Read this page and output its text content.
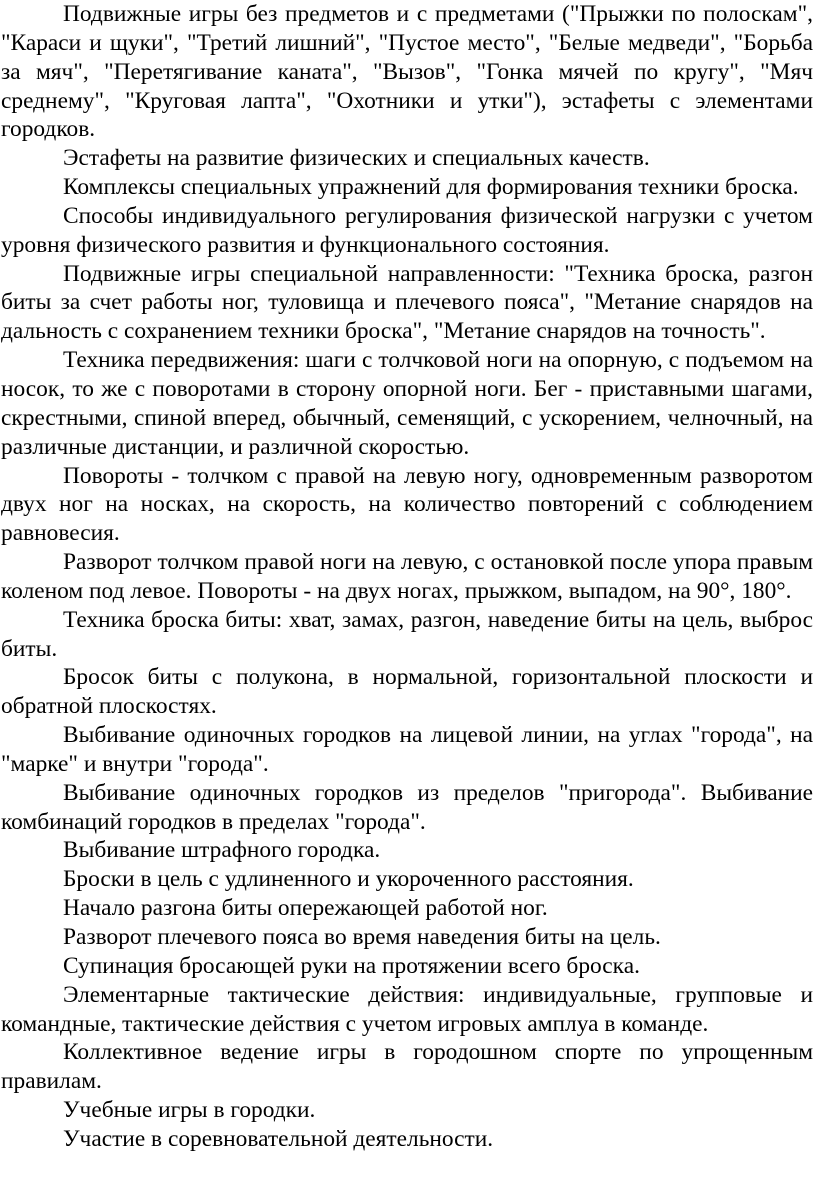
Подвижные игры без предметов и с предметами ("Прыжки по полоскам", "Караси и щуки", "Третий лишний", "Пустое место", "Белые медведи", "Борьба за мяч", "Перетягивание каната", "Вызов", "Гонка мячей по кругу", "Мяч среднему", "Круговая лапта", "Охотники и утки"), эстафеты с элементами городков.

Эстафеты на развитие физических и специальных качеств.

Комплексы специальных упражнений для формирования техники броска.

Способы индивидуального регулирования физической нагрузки с учетом уровня физического развития и функционального состояния.

Подвижные игры специальной направленности: "Техника броска, разгон биты за счет работы ног, туловища и плечевого пояса", "Метание снарядов на дальность с сохранением техники броска", "Метание снарядов на точность".

Техника передвижения: шаги с толчковой ноги на опорную, с подъемом на носок, то же с поворотами в сторону опорной ноги. Бег - приставными шагами, скрестными, спиной вперед, обычный, семенящий, с ускорением, челночный, на различные дистанции, и различной скоростью.

Повороты - толчком с правой на левую ногу, одновременным разворотом двух ног на носках, на скорость, на количество повторений с соблюдением равновесия.

Разворот толчком правой ноги на левую, с остановкой после упора правым коленом под левое. Повороты - на двух ногах, прыжком, выпадом, на 90°, 180°.

Техника броска биты: хват, замах, разгон, наведение биты на цель, выброс биты.

Бросок биты с полукона, в нормальной, горизонтальной плоскости и обратной плоскостях.

Выбивание одиночных городков на лицевой линии, на углах "города", на "марке" и внутри "города".

Выбивание одиночных городков из пределов "пригорода". Выбивание комбинаций городков в пределах "города".

Выбивание штрафного городка.

Броски в цель с удлиненного и укороченного расстояния.

Начало разгона биты опережающей работой ног.

Разворот плечевого пояса во время наведения биты на цель.

Супинация бросающей руки на протяжении всего броска.

Элементарные тактические действия: индивидуальные, групповые и командные, тактические действия с учетом игровых амплуа в команде.

Коллективное ведение игры в городошном спорте по упрощенным правилам.

Учебные игры в городки.

Участие в соревновательной деятельности.
